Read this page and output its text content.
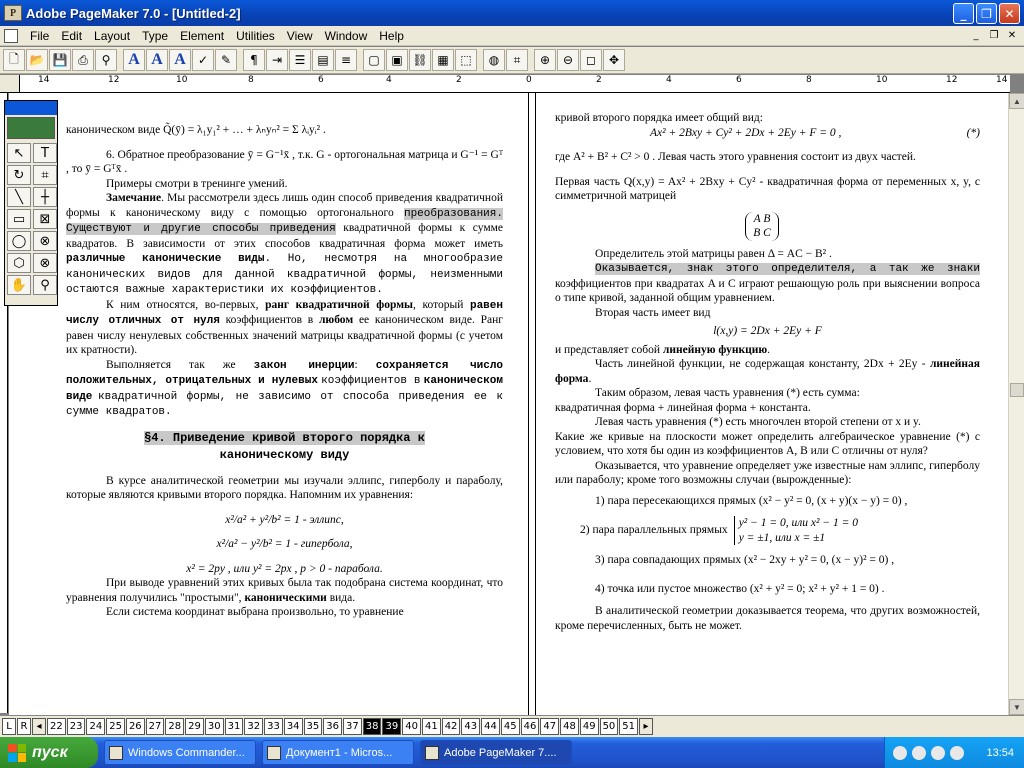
P Adobe PageMaker 7.0 - [Untitled-2]	_	❐	✕
File	Edit	Layout	Type	Element	Utilities	View	Window	Help	_	❐ ✕
🗋 📂 💾 ⎙	⚲	A A A	✓	✎	¶	⇥	☰ ▤	≡	▢ ▣ ⛓ ▦ ⬚	◍	⌗	⊕	⊖	◻	✥
14	12	10	8	6	4	2	0	2	4	6	8	10	12	14

каноническом виде Q̃(ȳ) = λ₁y₁² + … + λₙyₙ² = Σ λᵢyᵢ² .

6. Обратное преобразование ȳ = G⁻¹x̄ , т.к. G - ортогональная матрица и G⁻¹ = Gᵀ , то ȳ = Gᵀx̄ .

Примеры смотри в тренинге умений.

Замечание. Мы рассмотрели здесь лишь один способ приведения квадратичной формы к каноническому виду с помощью ортогонального преобразования. Существуют и другие способы приведения квадратичной формы к сумме квадратов. В зависимости от этих способов квадратичная форма может иметь различные канонические виды. Но, несмотря на многообразие канонических видов для данной квадратичной формы, неизменными остаются важные характеристики их коэффициентов.

К ним относятся, во-первых, ранг квадратичной формы, который равен числу отличных от нуля коэффициентов в любом ее каноническом виде. Ранг равен числу ненулевых собственных значений матрицы квадратичной формы (с учетом их кратности).

Выполняется так же закон инерции: сохраняется число положительных, отрицательных и нулевых коэффициентов в каноническом виде квадратичной формы, не зависимо от способа приведения ее к сумме квадратов.

§4. Приведение кривой второго порядка к

каноническому виду

В курсе аналитической геометрии мы изучали эллипс, гиперболу и параболу, которые являются кривыми второго порядка. Напомним их уравнения:

x²/a² + y²/b² = 1 - эллипс,

x²/a² − y²/b² = 1 - гипербола,

x² = 2py , или y² = 2px , p > 0 - парабола.

При выводе уравнений этих кривых была так подобрана система координат, что уравнения получились "простыми", каноническими вида.

Если система координат выбрана произвольно, то уравнение

кривой второго порядка имеет общий вид:

Ax² + 2Bxy + Cy² + 2Dx + 2Ey + F = 0 ,	(*)

где A² + B² + C² > 0 . Левая часть этого уравнения состоит из двух частей.

Первая часть Q(x,y) = Ax² + 2Bxy + Cy² - квадратичная форма от переменных x, y, с симметричной матрицей

A B
B C

Определитель этой матрицы равен Δ = AC − B² .

Оказывается, знак этого определителя, а так же знаки коэффициентов при квадратах A и C играют решающую роль при выяснении вопроса о типе кривой, заданной общим уравнением.

Вторая часть имеет вид

l(x,y) = 2Dx + 2Ey + F

и представляет собой линейную функцию.

Часть линейной функции, не содержащая константу, 2Dx + 2Ey - линейная форма.

Таким образом, левая часть уравнения (*) есть сумма:

квадратичная форма + линейная форма + константа.

Левая часть уравнения (*) есть многочлен второй степени от x и y.

Какие же кривые на плоскости может определить алгебраическое уравнение (*) с условием, что хотя бы один из коэффициентов A, B или C отличны от нуля?

Оказывается, что уравнение определяет уже известные нам эллипс, гиперболу или параболу; кроме того возможны случаи (вырожденные):

1) пара пересекающихся прямых (x² − y² = 0, (x + y)(x − y) = 0) ,

2) пара параллельных прямых
y² − 1 = 0, или x² − 1 = 0
y = ±1, или x = ±1

3) пара совпадающих прямых (x² − 2xy + y² = 0, (x − y)² = 0) ,

4) точка или пустое множество (x² + y² = 0; x² + y² + 1 = 0) .

В аналитической геометрии доказывается теорема, что других возможностей, кроме перечисленных, быть не может.

▲
▼
↖	T
↻	⌗
╲	┼
▭	⊠
◯	⊗
⬡	⊗
✋	⚲
L R ◂ 22 23 24 25 26 27 28 29 30 31 32 33 34 35 36 37 38 39 40 41 42 43 44 45 46 47 48 49 50 51 ▸
пуск	Windows Commander...	Документ1 - Micros...	Adobe PageMaker 7....	13:54
